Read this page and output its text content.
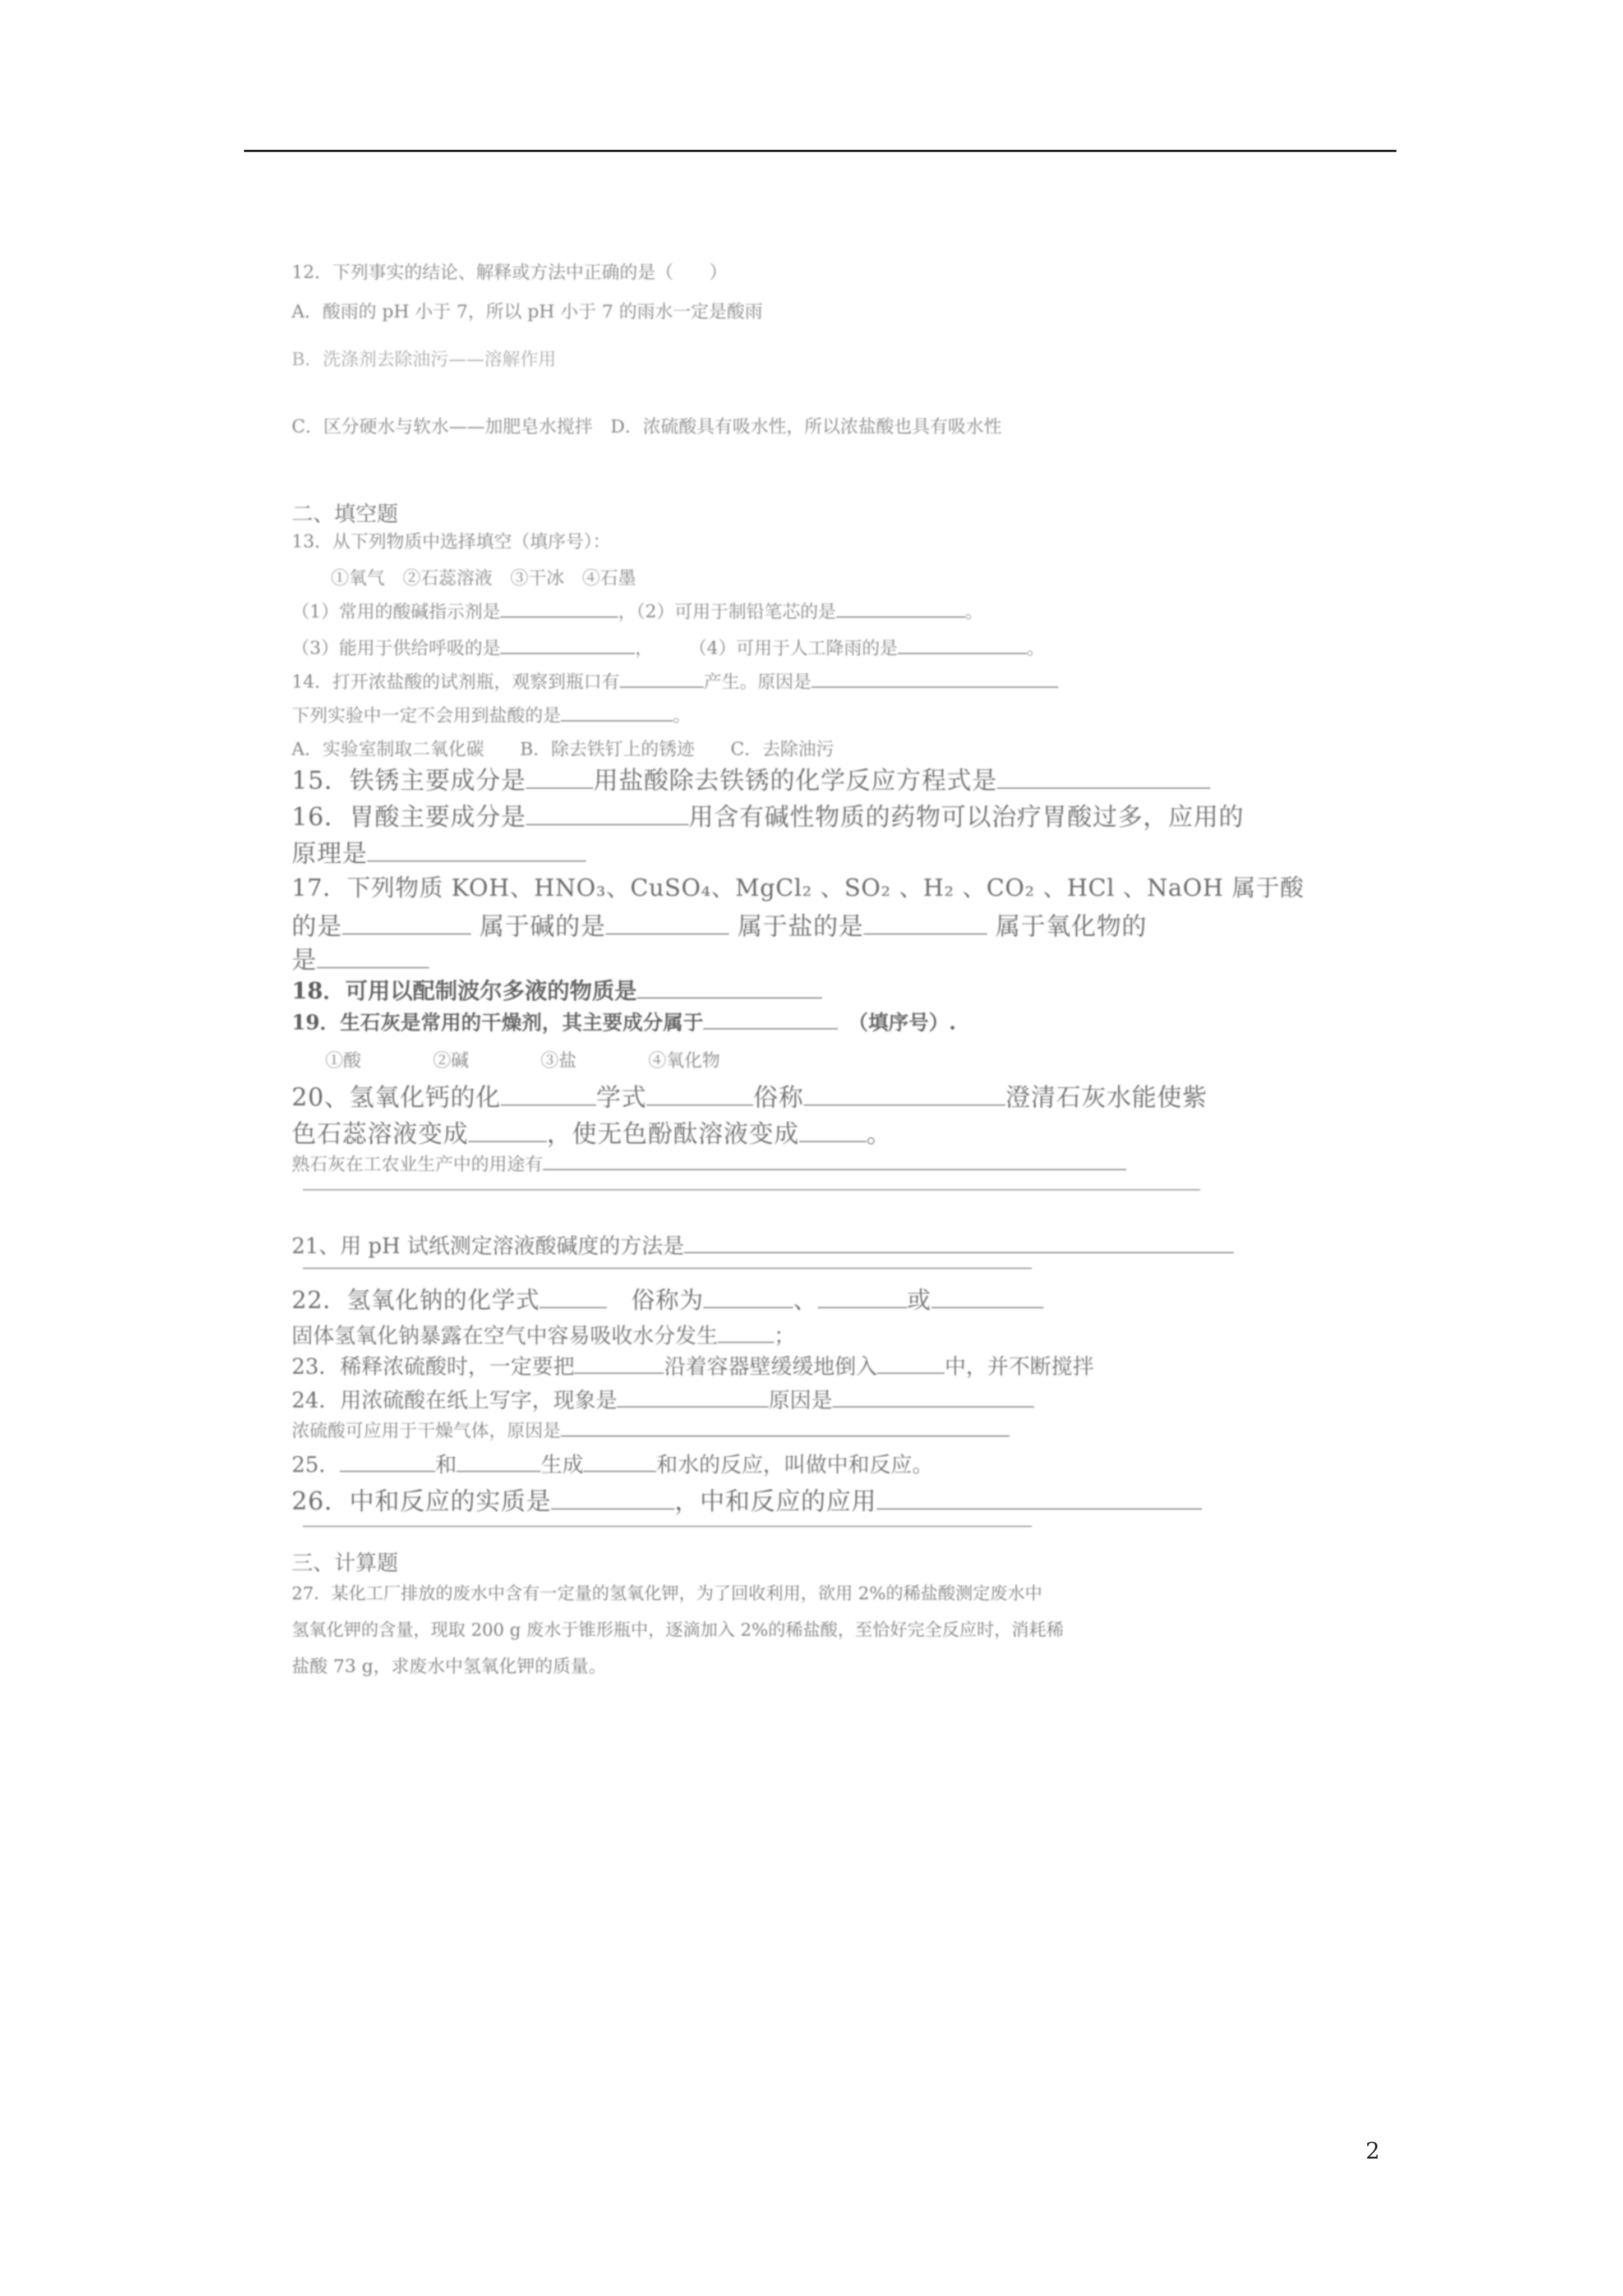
12．下列事实的结论、解释或方法中正确的是（　　）
A．酸雨的 pH 小于 7，所以 pH 小于 7 的雨水一定是酸雨
B．洗涤剂去除油污——溶解作用
C．区分硬水与软水——加肥皂水搅拌　 D．浓硫酸具有吸水性，所以浓盐酸也具有吸水性
二、填空题
13．从下列物质中选择填空（填序号）：
①氧气　②石蕊溶液　③干冰　④石墨
（1）常用的酸碱指示剂是	，（2）可用于制铅笔芯的是	。
（3）能用于供给呼吸的是	，　　　（4）可用于人工降雨的是	。
14．打开浓盐酸的试剂瓶，观察到瓶口有	产生。原因是
下列实验中一定不会用到盐酸的是	。
A．实验室制取二氧化碳　　B．除去铁钉上的锈迹　　C．去除油污
15．铁锈主要成分是	用盐酸除去铁锈的化学反应方程式是
16．胃酸主要成分是	用含有碱性物质的药物可以治疗胃酸过多，应用的
原理是
17．下列物质 KOH、HNO₃、CuSO₄、MgCl₂ 、SO₂ 、H₂ 、CO₂ 、HCl 、NaOH 属于酸
的是	属于碱的是	属于盐的是	属于氧化物的
是
18．可用以配制波尔多液的物质是
19．生石灰是常用的干燥剂，其主要成分属于　	（填序号）.
①酸　　　　②碱　　　　③盐　　　　④氧化物
20、氢氧化钙的化	学式	俗称	澄清石灰水能使紫
色石蕊溶液变成	，使无色酚酞溶液变成	。
熟石灰在工农业生产中的用途有
21、用 pH 试纸测定溶液酸碱度的方法是
22．氢氧化钠的化学式　	俗称为	、	或
固体氢氧化钠暴露在空气中容易吸收水分发生	；
23．稀释浓硫酸时，一定要把	沿着容器壁缓缓地倒入	中，并不断搅拌
24．用浓硫酸在纸上写字，现象是	原因是
浓硫酸可应用于干燥气体，原因是
25．	和	生成	和水的反应，叫做中和反应。
26．中和反应的实质是	，中和反应的应用
三、计算题
27．某化工厂排放的废水中含有一定量的氢氧化钾，为了回收利用，欲用 2%的稀盐酸测定废水中
氢氧化钾的含量，现取 200 g 废水于锥形瓶中，逐滴加入 2%的稀盐酸，至恰好完全反应时，消耗稀
盐酸 73 g，求废水中氢氧化钾的质量。
2
